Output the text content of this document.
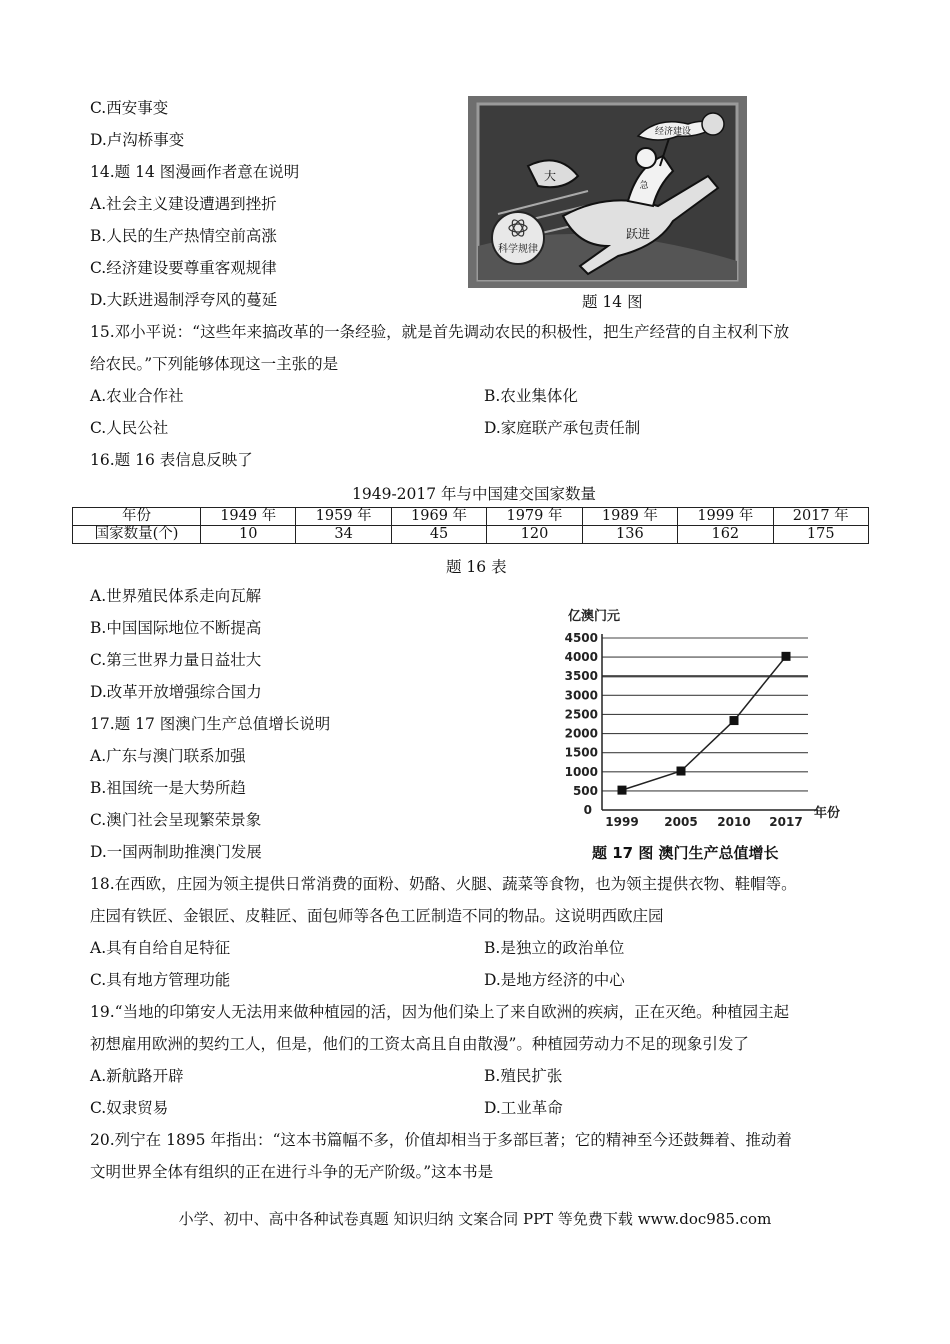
C.西安事变
D.卢沟桥事变
14.题 14 图漫画作者意在说明
A.社会主义建设遭遇到挫折
B.人民的生产热情空前高涨
C.经济建设要尊重客观规律
D.大跃进遏制浮夸风的蔓延
科学规律
大
跃进
急
经济建设
题 14 图
15.邓小平说：“这些年来搞改革的一条经验，就是首先调动农民的积极性，把生产经营的自主权利下放
给农民。”下列能够体现这一主张的是
A.农业合作社	B.农业集体化
C.人民公社	D.家庭联产承包责任制
16.题 16 表信息反映了
1949-2017 年与中国建交国家数量
年份	1949 年	1959 年	1969 年	1979 年	1989 年	1999 年	2017 年
国家数量(个)	10	34	45	120	136	162	175
题 16 表
A.世界殖民体系走向瓦解
B.中国国际地位不断提高
C.第三世界力量日益壮大
D.改革开放增强综合国力
17.题 17 图澳门生产总值增长说明
A.广东与澳门联系加强
B.祖国统一是大势所趋
C.澳门社会呈现繁荣景象
D.一国两制助推澳门发展
0
500
1000
1500
2000
2500
3000
3500
4000
4500
亿澳门元
1999 2005 2010 2017
年份
题 17 图 澳门生产总值增长
18.在西欧，庄园为领主提供日常消费的面粉、奶酪、火腿、蔬菜等食物，也为领主提供衣物、鞋帽等。
庄园有铁匠、金银匠、皮鞋匠、面包师等各色工匠制造不同的物品。这说明西欧庄园
A.具有自给自足特征	B.是独立的政治单位
C.具有地方管理功能	D.是地方经济的中心
19.“当地的印第安人无法用来做种植园的活，因为他们染上了来自欧洲的疾病，正在灭绝。种植园主起
初想雇用欧洲的契约工人，但是，他们的工资太高且自由散漫”。种植园劳动力不足的现象引发了
A.新航路开辟	B.殖民扩张
C.奴隶贸易	D.工业革命
20.列宁在 1895 年指出：“这本书篇幅不多，价值却相当于多部巨著；它的精神至今还鼓舞着、推动着
文明世界全体有组织的正在进行斗争的无产阶级。”这本书是
小学、初中、高中各种试卷真题 知识归纳 文案合同 PPT 等免费下载 www.doc985.com
